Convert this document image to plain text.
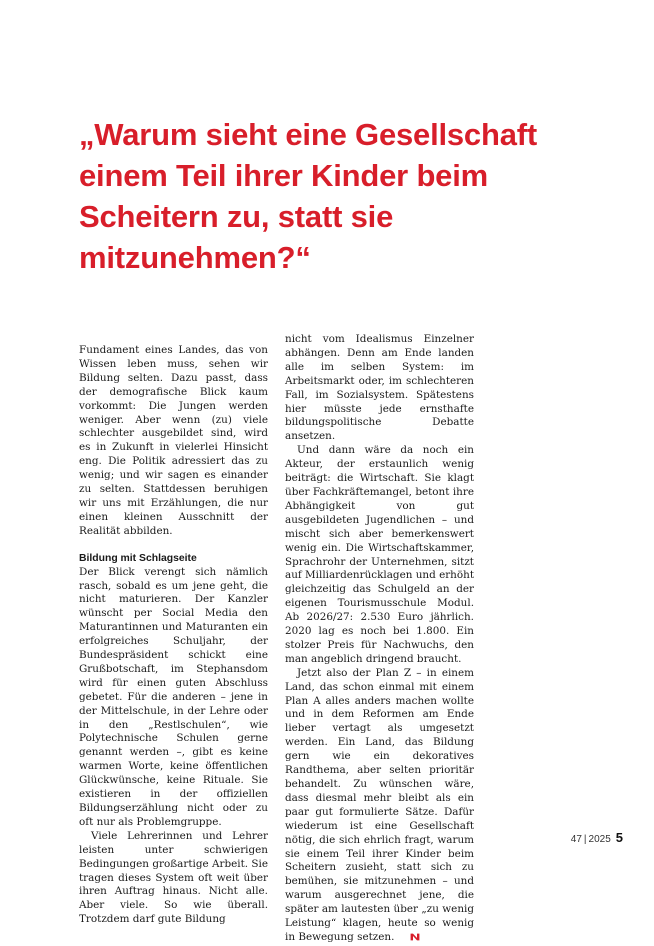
„Warum sieht eine Gesellschaft einem Teil ihrer Kinder beim Scheitern zu, statt sie mitzunehmen?“

Fundament eines Landes, das von Wissen leben muss, sehen wir Bildung selten. Dazu passt, dass der demografische Blick kaum vorkommt: Die Jungen werden weniger. Aber wenn (zu) viele schlechter ausgebildet sind, wird es in Zukunft in vielerlei Hinsicht eng. Die Politik adressiert das zu wenig; und wir sagen es einander zu selten. Stattdessen beruhigen wir uns mit Erzählungen, die nur einen kleinen Ausschnitt der Realität abbilden.

Bildung mit Schlagseite

Der Blick verengt sich nämlich rasch, sobald es um jene geht, die nicht maturieren. Der Kanzler wünscht per Social Media den Maturantinnen und Maturanten ein erfolgreiches Schuljahr, der Bundespräsident schickt eine Grußbotschaft, im Stephansdom wird für einen guten Abschluss gebetet. Für die anderen – jene in der Mittelschule, in der Lehre oder in den „Restlschulen“, wie Polytechnische Schulen gerne genannt werden –, gibt es keine warmen Worte, keine öffentlichen Glückwünsche, keine Rituale. Sie existieren in der offiziellen Bildungserzählung nicht oder zu oft nur als Problemgruppe.

Viele Lehrerinnen und Lehrer leisten unter schwierigen Bedingungen großartige Arbeit. Sie tragen dieses System oft weit über ihren Auftrag hinaus. Nicht alle. Aber viele. So wie überall. Trotzdem darf gute Bildung

nicht vom Idealismus Einzelner abhängen. Denn am Ende landen alle im selben System: im Arbeitsmarkt oder, im schlechteren Fall, im Sozialsystem. Spätestens hier müsste jede ernsthafte bildungspolitische Debatte ansetzen.

Und dann wäre da noch ein Akteur, der erstaunlich wenig beiträgt: die Wirtschaft. Sie klagt über Fachkräftemangel, betont ihre Abhängigkeit von gut ausgebildeten Jugendlichen – und mischt sich aber bemerkenswert wenig ein. Die Wirtschaftskammer, Sprachrohr der Unternehmen, sitzt auf Milliardenrücklagen und erhöht gleichzeitig das Schulgeld an der eigenen Tourismusschule Modul. Ab 2026/27: 2.530 Euro jährlich. 2020 lag es noch bei 1.800. Ein stolzer Preis für Nachwuchs, den man angeblich dringend braucht.

Jetzt also der Plan Z – in einem Land, das schon einmal mit einem Plan A alles anders machen wollte und in dem Reformen am Ende lieber vertagt als umgesetzt werden. Ein Land, das Bildung gern wie ein dekoratives Randthema, aber selten prioritär behandelt. Zu wünschen wäre, dass diesmal mehr bleibt als ein paar gut formulierte Sätze. Dafür wiederum ist eine Gesellschaft nötig, die sich ehrlich fragt, warum sie einem Teil ihrer Kinder beim Scheitern zusieht, statt sich zu bemühen, sie mitzunehmen – und warum ausgerechnet jene, die später am lautesten über „zu wenig Leistung“ klagen, heute so wenig in Bewegung setzen.

47 | 2025 5
